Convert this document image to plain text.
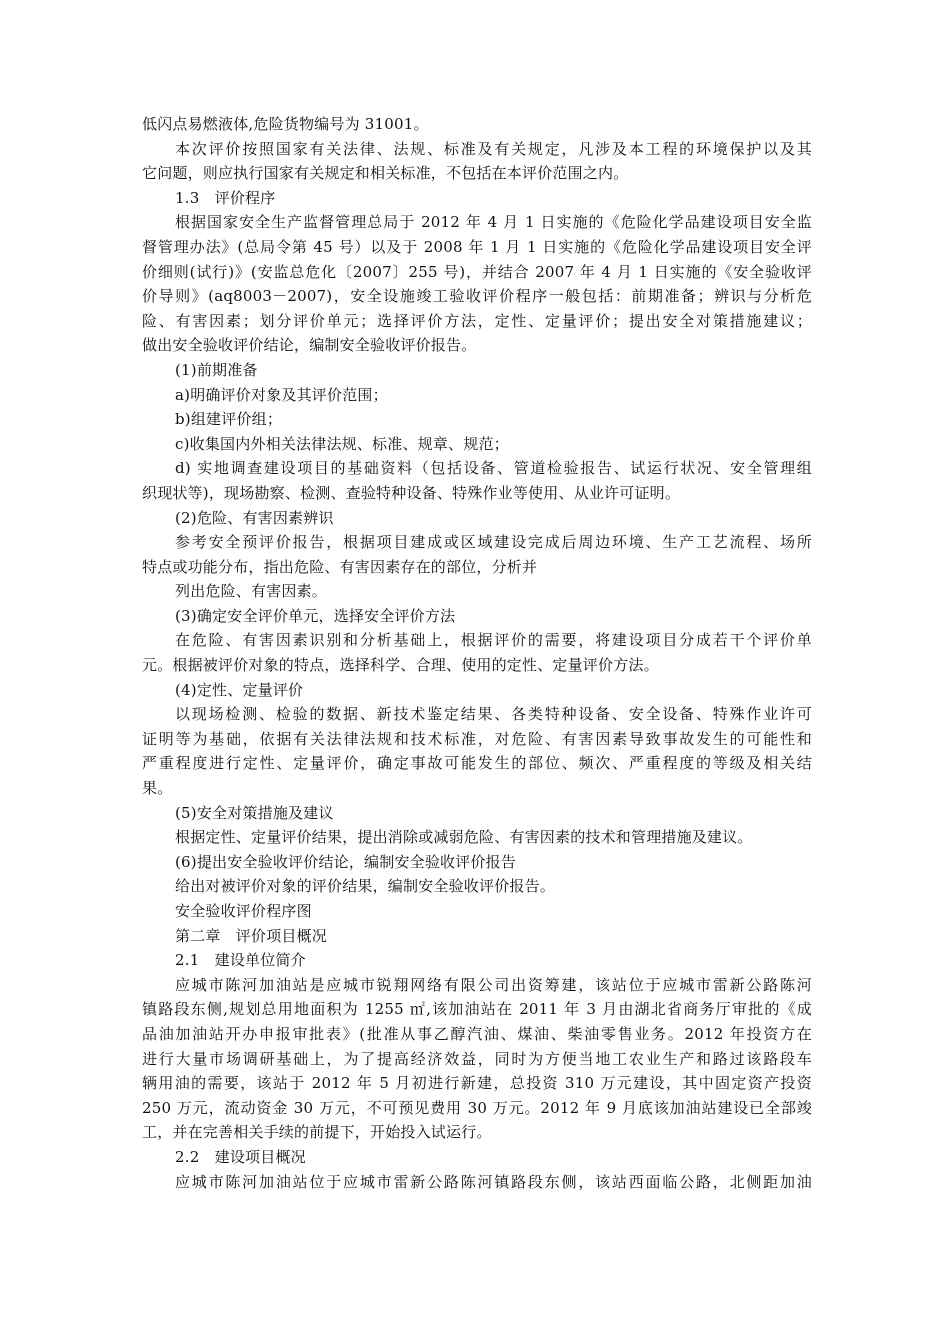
低闪点易燃液体,危险货物编号为 31001。
本次评价按照国家有关法律、法规、标准及有关规定，凡涉及本工程的环境保护以及其
它问题，则应执行国家有关规定和相关标准，不包括在本评价范围之内。
1.3　评价程序
根据国家安全生产监督管理总局于 2012 年 4 月 1 日实施的《危险化学品建设项目安全监
督管理办法》(总局令第 45 号）以及于 2008 年 1 月 1 日实施的《危险化学品建设项目安全评
价细则(试行)》(安监总危化〔2007〕255 号)，并结合 2007 年 4 月 1 日实施的《安全验收评
价导则》(aq8003－2007)，安全设施竣工验收评价程序一般包括：前期准备；辨识与分析危
险、有害因素；划分评价单元；选择评价方法，定性、定量评价；提出安全对策措施建议；
做出安全验收评价结论，编制安全验收评价报告。
(1)前期准备
a)明确评价对象及其评价范围；
b)组建评价组；
c)收集国内外相关法律法规、标准、规章、规范；
d) 实地调查建设项目的基础资料（包括设备、管道检验报告、试运行状况、安全管理组
织现状等)，现场勘察、检测、查验特种设备、特殊作业等使用、从业许可证明。
(2)危险、有害因素辨识
参考安全预评价报告，根据项目建成或区域建设完成后周边环境、生产工艺流程、场所
特点或功能分布，指出危险、有害因素存在的部位，分析并
列出危险、有害因素。
(3)确定安全评价单元，选择安全评价方法
在危险、有害因素识别和分析基础上，根据评价的需要，将建设项目分成若干个评价单
元。根据被评价对象的特点，选择科学、合理、使用的定性、定量评价方法。
(4)定性、定量评价
以现场检测、检验的数据、新技术鉴定结果、各类特种设备、安全设备、特殊作业许可
证明等为基础，依据有关法律法规和技术标准，对危险、有害因素导致事故发生的可能性和
严重程度进行定性、定量评价，确定事故可能发生的部位、频次、严重程度的等级及相关结
果。
(5)安全对策措施及建议
根据定性、定量评价结果，提出消除或减弱危险、有害因素的技术和管理措施及建议。
(6)提出安全验收评价结论，编制安全验收评价报告
给出对被评价对象的评价结果，编制安全验收评价报告。
安全验收评价程序图
第二章　评价项目概况
2.1　建设单位简介
应城市陈河加油站是应城市锐翔网络有限公司出资筹建，该站位于应城市雷新公路陈河
镇路段东侧,规划总用地面积为 1255 ㎡,该加油站在 2011 年 3 月由湖北省商务厅审批的《成
品油加油站开办申报审批表》(批准从事乙醇汽油、煤油、柴油零售业务。2012 年投资方在
进行大量市场调研基础上，为了提高经济效益，同时为方便当地工农业生产和路过该路段车
辆用油的需要，该站于 2012 年 5 月初进行新建，总投资 310 万元建设，其中固定资产投资
250 万元，流动资金 30 万元，不可预见费用 30 万元。2012 年 9 月底该加油站建设已全部竣
工，并在完善相关手续的前提下，开始投入试运行。
2.2　建设项目概况
应城市陈河加油站位于应城市雷新公路陈河镇路段东侧，该站西面临公路，北侧距加油
